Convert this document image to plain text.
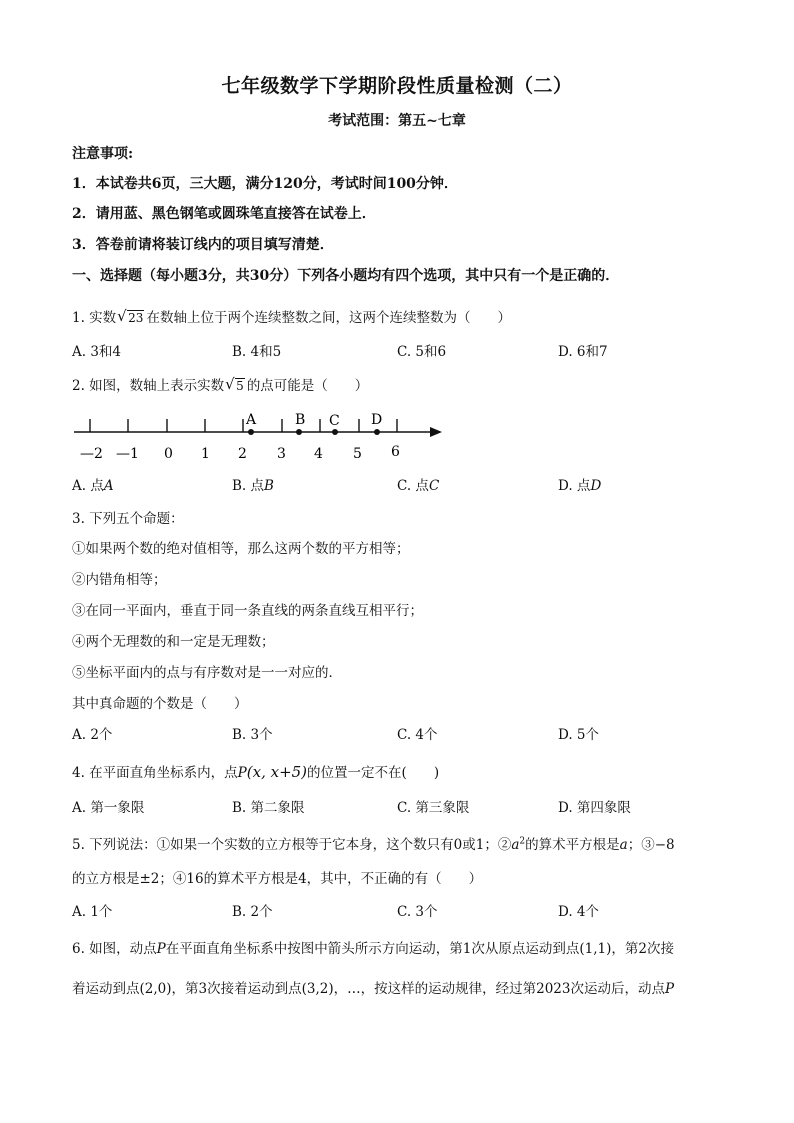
七年级数学下学期阶段性质量检测（二）
考试范围：第五~七章
注意事项:
1．本试卷共6页，三大题，满分120分，考试时间100分钟．
2．请用蓝、黑色钢笔或圆珠笔直接答在试卷上．
3．答卷前请将装订线内的项目填写清楚．
一、选择题（每小题3分，共30分）下列各小题均有四个选项，其中只有一个是正确的．
1. 实数 √ 23 在数轴上位于两个连续整数之间，这两个连续整数为（　　）
A. 3和4	B. 4和5	C. 5和6	D. 6和7
2. 如图，数轴上表示实数 √ 5 的点可能是（　　）
—2 —1 0 1 2 3 4 5 6
A	B C D
A. 点A	B. 点B	C. 点C	D. 点D
3. 下列五个命题：
①如果两个数的绝对值相等，那么这两个数的平方相等；
②内错角相等；
③在同一平面内，垂直于同一条直线的两条直线互相平行；
④两个无理数的和一定是无理数；
⑤坐标平面内的点与有序数对是一一对应的．
其中真命题的个数是（　　）
A. 2个	B. 3个	C. 4个	D. 5个
4. 在平面直角坐标系内，点P(x, x+5)的位置一定不在(　　)
A. 第一象限	B. 第二象限	C. 第三象限	D. 第四象限
5. 下列说法：①如果一个实数的立方根等于它本身，这个数只有0或1；$②a^2$的算术平方根是a；③−8
的立方根是±2；④16的算术平方根是4，其中，不正确的有（　　）
A. 1个	B. 2个	C. 3个	D. 4个
6. 如图，动点P在平面直角坐标系中按图中箭头所示方向运动，第1次从原点运动到点(1,1)，第2次接
着运动到点(2,0)，第3次接着运动到点(3,2)，…，按这样的运动规律，经过第2023次运动后，动点P
